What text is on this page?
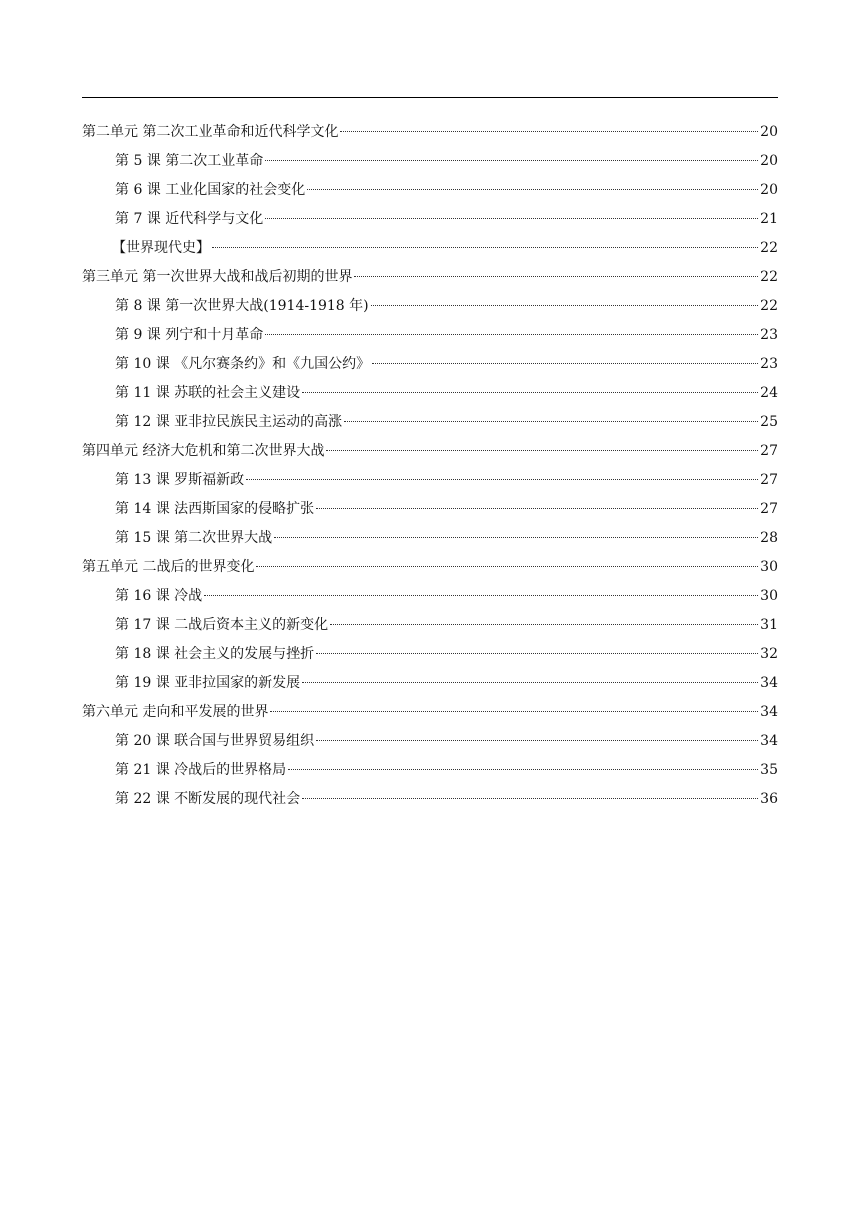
第二单元 第二次工业革命和近代科学文化	20
第 5 课 第二次工业革命	20
第 6 课 工业化国家的社会变化	20
第 7 课 近代科学与文化	21
【世界现代史】	22
第三单元 第一次世界大战和战后初期的世界	22
第 8 课 第一次世界大战(1914-1918 年)	22
第 9 课 列宁和十月革命	23
第 10 课 《凡尔赛条约》和《九国公约》	23
第 11 课 苏联的社会主义建设	24
第 12 课 亚非拉民族民主运动的高涨	25
第四单元 经济大危机和第二次世界大战	27
第 13 课 罗斯福新政	27
第 14 课 法西斯国家的侵略扩张	27
第 15 课 第二次世界大战	28
第五单元 二战后的世界变化	30
第 16 课 冷战	30
第 17 课 二战后资本主义的新变化	31
第 18 课 社会主义的发展与挫折	32
第 19 课 亚非拉国家的新发展	34
第六单元 走向和平发展的世界	34
第 20 课 联合国与世界贸易组织	34
第 21 课 冷战后的世界格局	35
第 22 课 不断发展的现代社会	36
